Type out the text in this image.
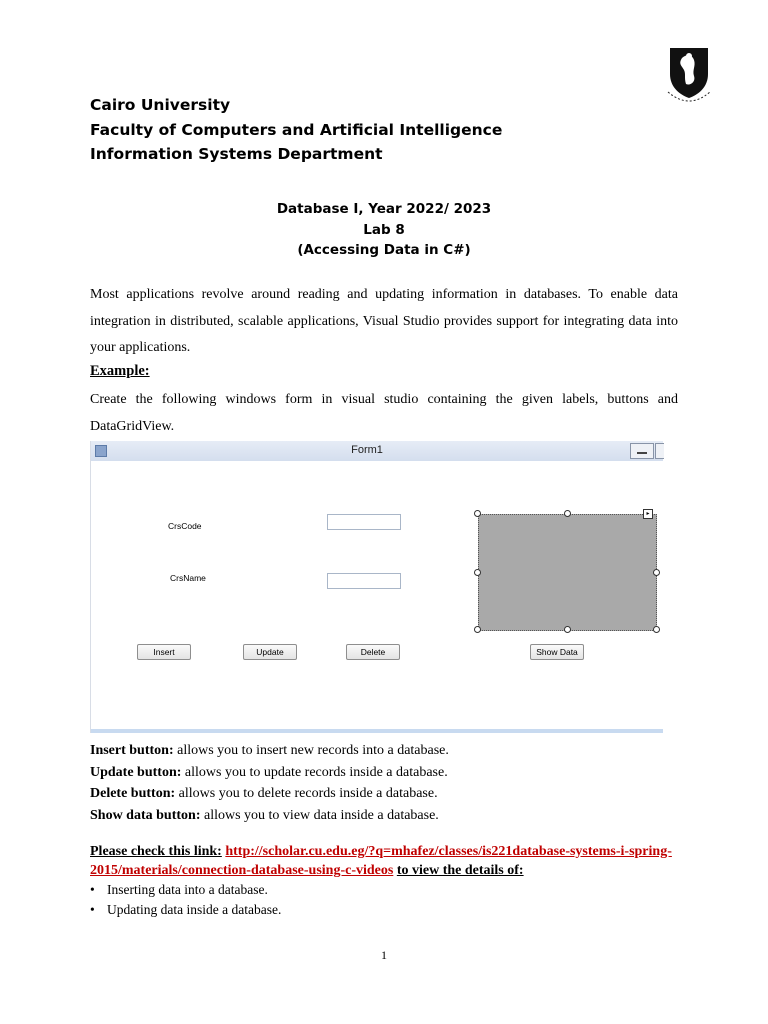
Cairo University
Faculty of Computers and Artificial Intelligence
Information Systems Department
Database I, Year 2022/ 2023
Lab 8
(Accessing Data in C#)
Most applications revolve around reading and updating information in databases. To enable data integration in distributed, scalable applications, Visual Studio provides support for integrating data into your applications.
Example:
Create the following windows form in visual studio containing the given labels, buttons and DataGridView.
Form1
CrsCode
CrsName
Insert	Update	Delete	Show Data
▸
Insert button: allows you to insert new records into a database.
Update button: allows you to update records inside a database.
Delete button: allows you to delete records inside a database.
Show data button: allows you to view data inside a database.
Please check this link: http://scholar.cu.edu.eg/?q=mhafez/classes/is221database-systems-i-spring-2015/materials/connection-database-using-c-videos to view the details of:
• Inserting data into a database.
• Updating data inside a database.
1
